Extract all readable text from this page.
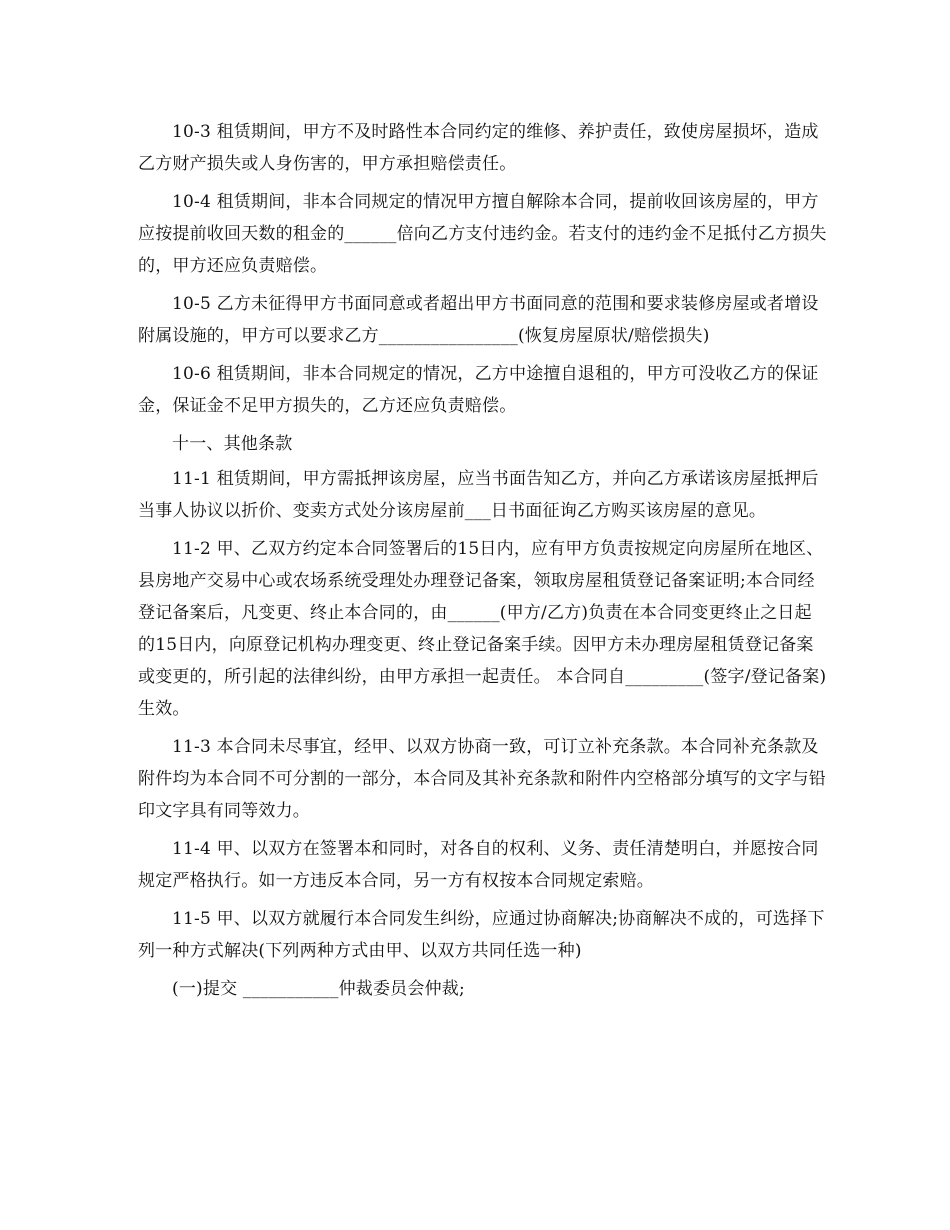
10-3 租赁期间，甲方不及时路性本合同约定的维修、养护责任，致使房屋损坏，造成乙方财产损失或人身伤害的，甲方承担赔偿责任。

10-4 租赁期间，非本合同规定的情况甲方擅自解除本合同，提前收回该房屋的，甲方应按提前收回天数的租金的______倍向乙方支付违约金。若支付的违约金不足抵付乙方损失的，甲方还应负责赔偿。

10-5 乙方未征得甲方书面同意或者超出甲方书面同意的范围和要求装修房屋或者增设附属设施的，甲方可以要求乙方________________(恢复房屋原状/赔偿损失)

10-6 租赁期间，非本合同规定的情况，乙方中途擅自退租的，甲方可没收乙方的保证金，保证金不足甲方损失的，乙方还应负责赔偿。

十一、其他条款

11-1 租赁期间，甲方需抵押该房屋，应当书面告知乙方，并向乙方承诺该房屋抵押后当事人协议以折价、变卖方式处分该房屋前___日书面征询乙方购买该房屋的意见。

11-2 甲、乙双方约定本合同签署后的15日内，应有甲方负责按规定向房屋所在地区、县房地产交易中心或农场系统受理处办理登记备案，领取房屋租赁登记备案证明;本合同经登记备案后，凡变更、终止本合同的，由______(甲方/乙方)负责在本合同变更终止之日起的15日内，向原登记机构办理变更、终止登记备案手续。因甲方未办理房屋租赁登记备案或变更的，所引起的法律纠纷，由甲方承担一起责任。 本合同自_________(签字/登记备案)生效。

11-3 本合同未尽事宜，经甲、以双方协商一致，可订立补充条款。本合同补充条款及附件均为本合同不可分割的一部分，本合同及其补充条款和附件内空格部分填写的文字与铅印文字具有同等效力。

11-4 甲、以双方在签署本和同时，对各自的权利、义务、责任清楚明白，并愿按合同规定严格执行。如一方违反本合同，另一方有权按本合同规定索赔。

11-5 甲、以双方就履行本合同发生纠纷，应通过协商解决;协商解决不成的，可选择下列一种方式解决(下列两种方式由甲、以双方共同任选一种)

(一)提交 ___________仲裁委员会仲裁;
